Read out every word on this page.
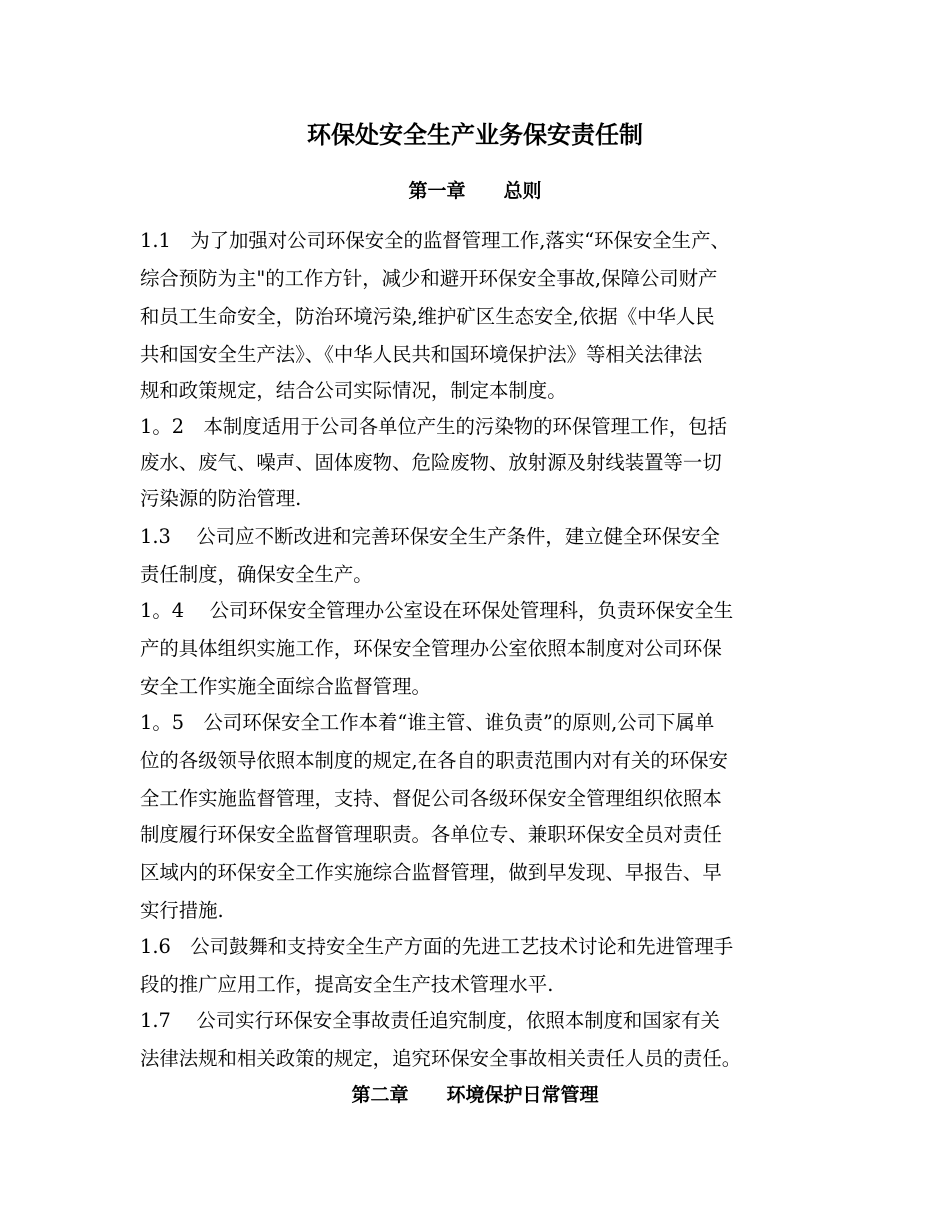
环保处安全生产业务保安责任制
第一章　　总则

1.1　为了加强对公司环保安全的监督管理工作,落实“环保安全生产、

综合预防为主"的工作方针，减少和避开环保安全事故,保障公司财产

和员工生命安全，防治环境污染,维护矿区生态安全,依据《中华人民

共和国安全生产法》、《中华人民共和国环境保护法》等相关法律法

规和政策规定，结合公司实际情况，制定本制度。

1。2　本制度适用于公司各单位产生的污染物的环保管理工作，包括

废水、废气、噪声、固体废物、危险废物、放射源及射线装置等一切

污染源的防治管理.

1.3　 公司应不断改进和完善环保安全生产条件，建立健全环保安全

责任制度，确保安全生产。

1。4　 公司环保安全管理办公室设在环保处管理科，负责环保安全生

产的具体组织实施工作，环保安全管理办公室依照本制度对公司环保

安全工作实施全面综合监督管理。

1。5　公司环保安全工作本着“谁主管、谁负责”的原则,公司下属单

位的各级领导依照本制度的规定,在各自的职责范围内对有关的环保安

全工作实施监督管理，支持、督促公司各级环保安全管理组织依照本

制度履行环保安全监督管理职责。各单位专、兼职环保安全员对责任

区域内的环保安全工作实施综合监督管理，做到早发现、早报告、早

实行措施.

1.6　公司鼓舞和支持安全生产方面的先进工艺技术讨论和先进管理手

段的推广应用工作，提高安全生产技术管理水平.

1.7　 公司实行环保安全事故责任追究制度，依照本制度和国家有关

法律法规和相关政策的规定，追究环保安全事故相关责任人员的责任。

第二章　　环境保护日常管理
